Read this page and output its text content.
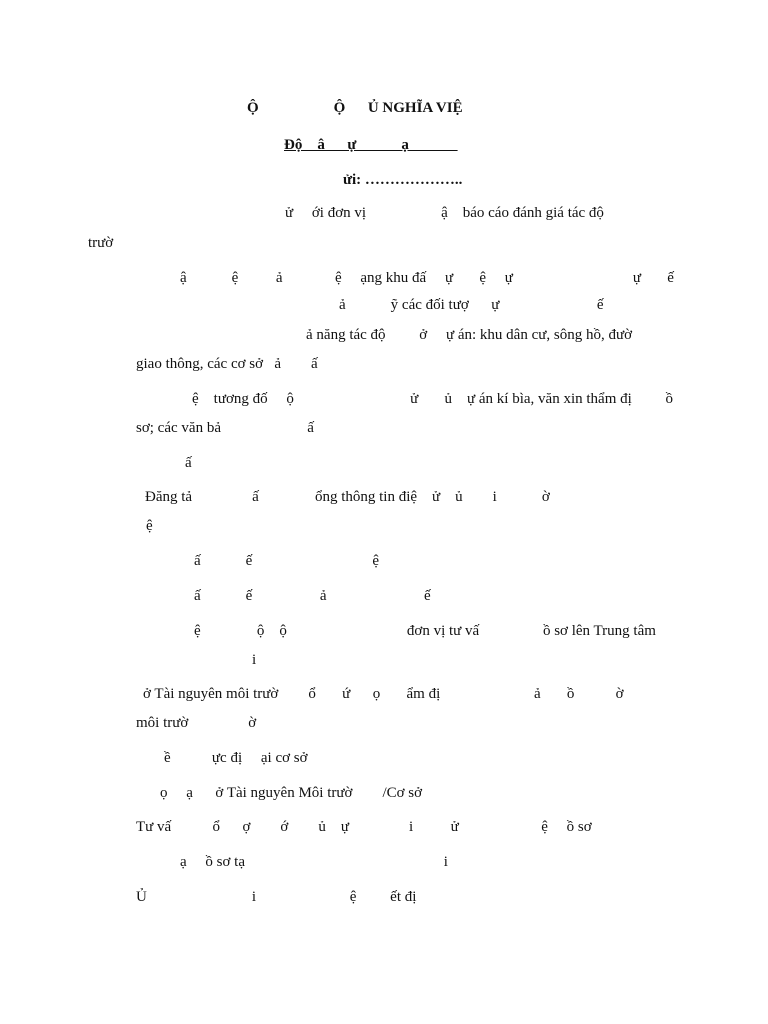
Ộ                    Ộ      Ủ NGHĨA VIỆ
Độ    â      ự            ạ
ửi: ………………..
ử     ới đơn vị                    ậ    báo cáo đánh giá tác độ
trườ
ậ            ệ          ả              ệ     ạng khu đấ     ự       ệ     ự                                ự       ế
ả            ỹ các đối tượ      ự                          ế
ả năng tác độ         ở     ự án: khu dân cư, sông hồ, đườ
giao thông, các cơ sở   ả        ấ
ệ    tương đố     ộ                               ử       ủ    ự án kí bìa, văn xin thẩm đị         ồ
sơ; các văn bả                       ấ
ấ
Đăng tả                ấ               ổng thông tin điệ    ử    ủ        i            ờ
ệ
ấ            ế                                ệ
ấ            ế                  ả                          ế
ệ               ộ    ộ                                đơn vị tư vấ                 ồ sơ lên Trung tâm
i
ở Tài nguyên môi trườ        ổ       ứ      ọ       ẩm đị                         ả       ồ           ờ
môi trườ                ờ
ề           ực đị     ại cơ sở
ọ     ạ      ở Tài nguyên Môi trườ        /Cơ sở
Tư vấ           ổ      ợ        ớ        ủ    ự                i          ử                      ệ     ồ sơ
ạ     ồ sơ tạ                                                     i
Ủ                            i                         ệ         ết đị
